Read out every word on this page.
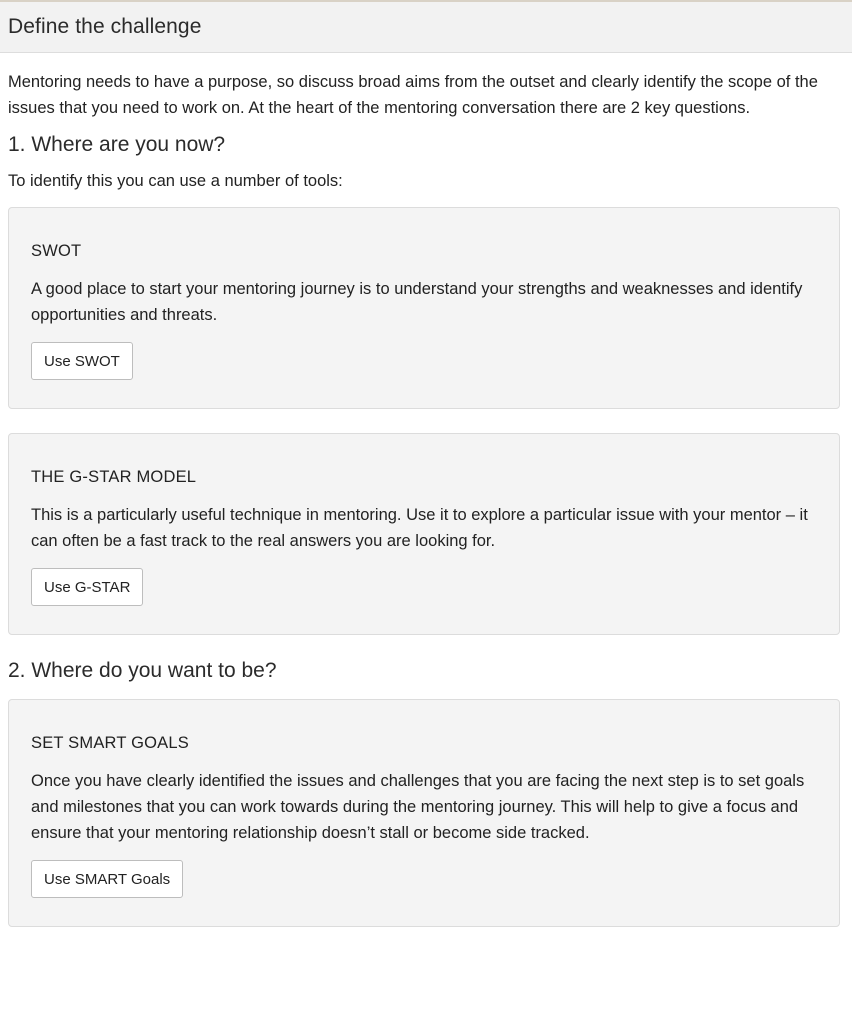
Define the challenge

Mentoring needs to have a purpose, so discuss broad aims from the outset and clearly identify the scope of the issues that you need to work on. At the heart of the mentoring conversation there are 2 key questions.

1. Where are you now?

To identify this you can use a number of tools:

SWOT

A good place to start your mentoring journey is to understand your strengths and weaknesses and identify opportunities and threats.

Use SWOT
THE G-STAR MODEL

This is a particularly useful technique in mentoring. Use it to explore a particular issue with your mentor – it can often be a fast track to the real answers you are looking for.

Use G-STAR
2. Where do you want to be?
SET SMART GOALS

Once you have clearly identified the issues and challenges that you are facing the next step is to set goals and milestones that you can work towards during the mentoring journey. This will help to give a focus and ensure that your mentoring relationship doesn’t stall or become side tracked.

Use SMART Goals
